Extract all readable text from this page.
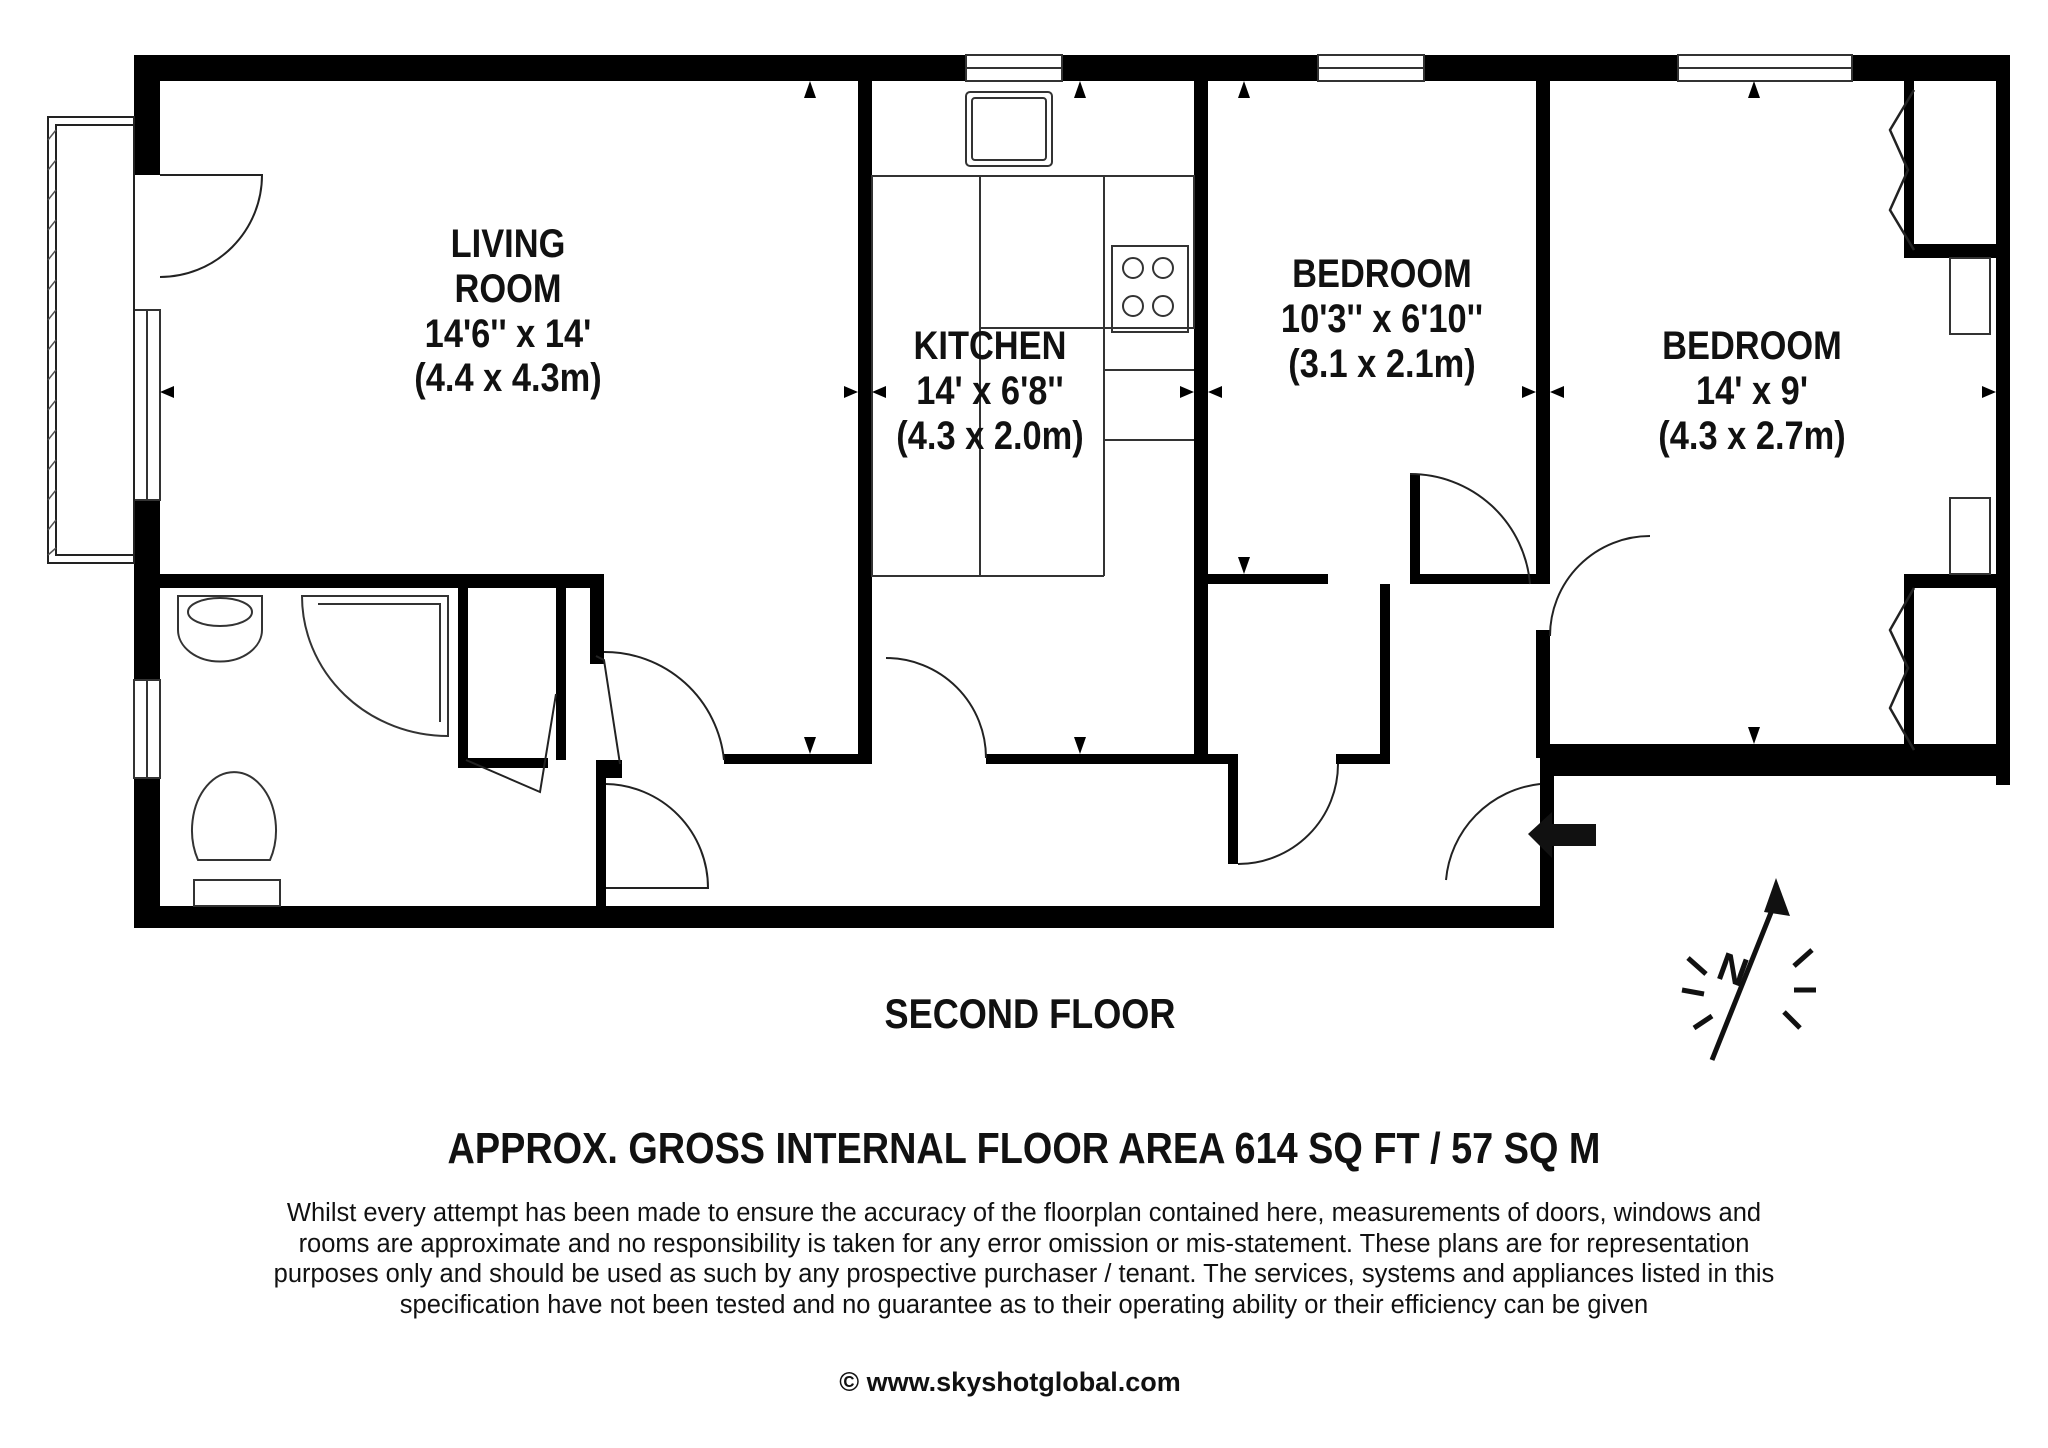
LIVING
ROOM
14'6'' x 14'
(4.4 x 4.3m)
KITCHEN
14' x 6'8''
(4.3 x 2.0m)
BEDROOM
10'3'' x 6'10''
(3.1 x 2.1m)	BEDROOM
14' x 9'
(4.3 x 2.7m)
N
SECOND FLOOR
APPROX. GROSS INTERNAL FLOOR AREA 614 SQ FT / 57 SQ M
Whilst every attempt has been made to ensure the accuracy of the floorplan contained here, measurements of doors, windows and
rooms are approximate and no responsibility is taken for any error omission or mis-statement. These plans are for representation
purposes only and should be used as such by any prospective purchaser / tenant. The services, systems and appliances listed in this
specification have not been tested and no guarantee as to their operating ability or their efficiency can be given
© www.skyshotglobal.com
